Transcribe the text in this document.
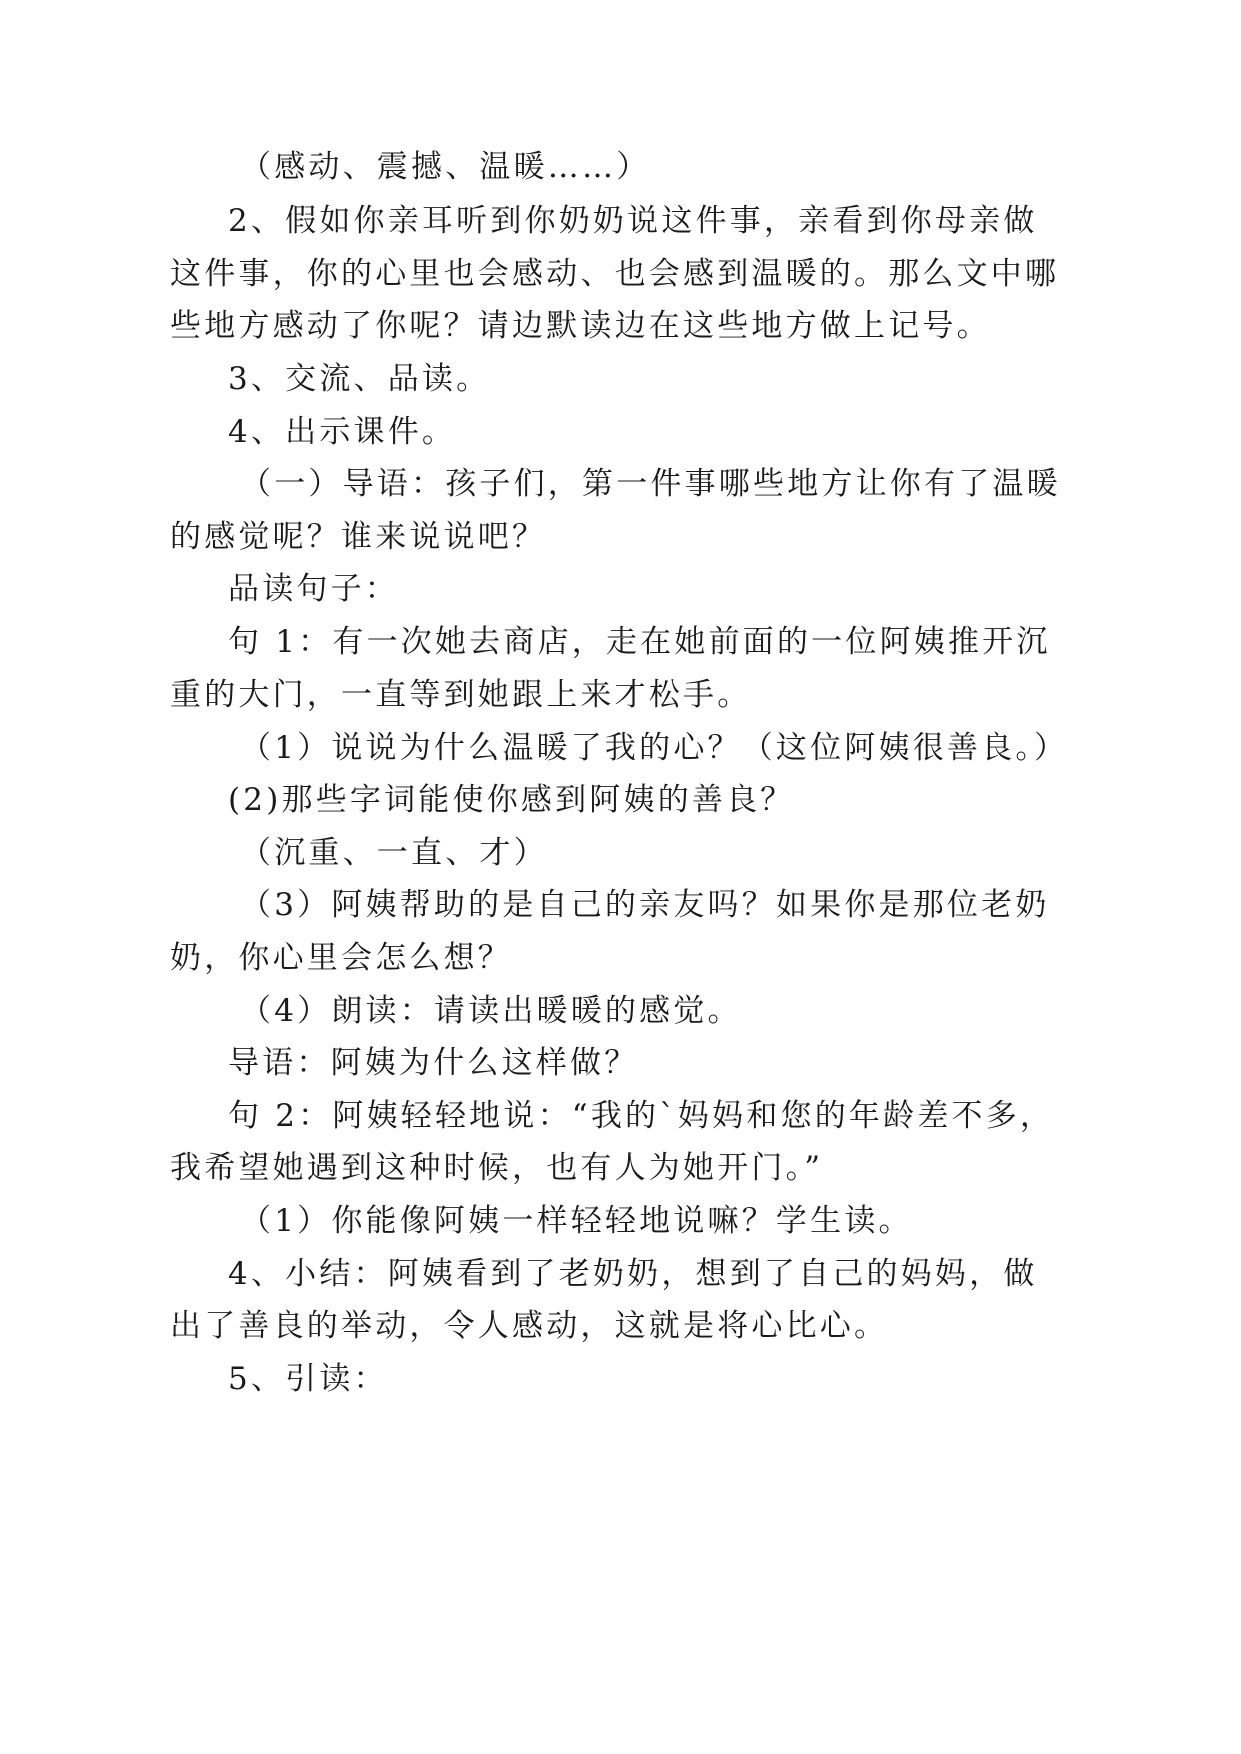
（感动、震撼、温暖……）
2、假如你亲耳听到你奶奶说这件事，亲看到你母亲做
这件事，你的心里也会感动、也会感到温暖的。那么文中哪
些地方感动了你呢？请边默读边在这些地方做上记号。
3、交流、品读。
4、出示课件。
（一）导语：孩子们，第一件事哪些地方让你有了温暖
的感觉呢？谁来说说吧？
品读句子：
句 1：有一次她去商店，走在她前面的一位阿姨推开沉
重的大门，一直等到她跟上来才松手。
（1）说说为什么温暖了我的心？（这位阿姨很善良。）
(2)那些字词能使你感到阿姨的善良？
（沉重、一直、才）
（3）阿姨帮助的是自己的亲友吗？如果你是那位老奶
奶，你心里会怎么想？
（4）朗读：请读出暖暖的感觉。
导语：阿姨为什么这样做？
句 2：阿姨轻轻地说：“我的`妈妈和您的年龄差不多，
我希望她遇到这种时候，也有人为她开门。”
（1）你能像阿姨一样轻轻地说嘛？学生读。
4、小结：阿姨看到了老奶奶，想到了自己的妈妈，做
出了善良的举动，令人感动，这就是将心比心。
5、引读：
